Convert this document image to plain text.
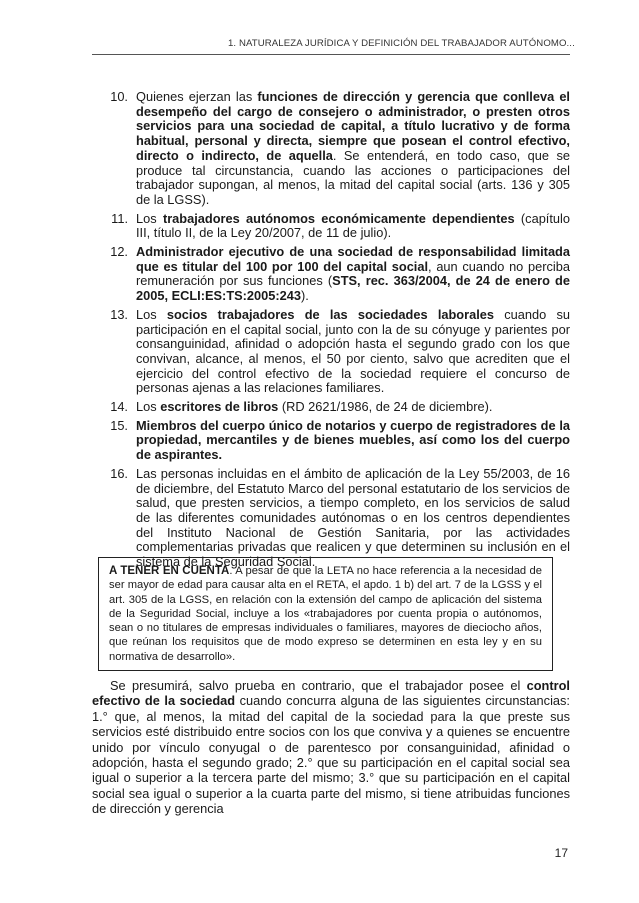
1. NATURALEZA JURÍDICA Y DEFINICIÓN DEL TRABAJADOR AUTÓNOMO...
10. Quienes ejerzan las funciones de dirección y gerencia que conlleva el desempeño del cargo de consejero o administrador, o presten otros servicios para una sociedad de capital, a título lucrativo y de forma habitual, personal y directa, siempre que posean el control efectivo, directo o indirecto, de aquella. Se entenderá, en todo caso, que se produce tal circunstancia, cuando las acciones o participaciones del trabajador supongan, al menos, la mitad del capital social (arts. 136 y 305 de la LGSS).
11. Los trabajadores autónomos económicamente dependientes (capítulo III, título II, de la Ley 20/2007, de 11 de julio).
12. Administrador ejecutivo de una sociedad de responsabilidad limitada que es titular del 100 por 100 del capital social, aun cuando no perciba remuneración por sus funciones (STS, rec. 363/2004, de 24 de enero de 2005, ECLI:ES:TS:2005:243).
13. Los socios trabajadores de las sociedades laborales cuando su participación en el capital social, junto con la de su cónyuge y parientes por consanguinidad, afinidad o adopción hasta el segundo grado con los que convivan, alcance, al menos, el 50 por ciento, salvo que acrediten que el ejercicio del control efectivo de la sociedad requiere el concurso de personas ajenas a las relaciones familiares.
14. Los escritores de libros (RD 2621/1986, de 24 de diciembre).
15. Miembros del cuerpo único de notarios y cuerpo de registradores de la propiedad, mercantiles y de bienes muebles, así como los del cuerpo de aspirantes.
16. Las personas incluidas en el ámbito de aplicación de la Ley 55/2003, de 16 de diciembre, del Estatuto Marco del personal estatutario de los servicios de salud, que presten servicios, a tiempo completo, en los servicios de salud de las diferentes comunidades autónomas o en los centros dependientes del Instituto Nacional de Gestión Sanitaria, por las actividades complementarias privadas que realicen y que determinen su inclusión en el sistema de la Seguridad Social.
A TENER EN CUENTA. A pesar de que la LETA no hace referencia a la necesidad de ser mayor de edad para causar alta en el RETA, el apdo. 1 b) del art. 7 de la LGSS y el art. 305 de la LGSS, en relación con la extensión del campo de aplicación del sistema de la Seguridad Social, incluye a los «trabajadores por cuenta propia o autónomos, sean o no titulares de empresas individuales o familiares, mayores de dieciocho años, que reúnan los requisitos que de modo expreso se determinen en esta ley y en su normativa de desarrollo».
Se presumirá, salvo prueba en contrario, que el trabajador posee el control efectivo de la sociedad cuando concurra alguna de las siguientes circunstancias: 1.° que, al menos, la mitad del capital de la sociedad para la que preste sus servicios esté distribuido entre socios con los que conviva y a quienes se encuentre unido por vínculo conyugal o de parentesco por consanguinidad, afinidad o adopción, hasta el segundo grado; 2.° que su participación en el capital social sea igual o superior a la tercera parte del mismo; 3.° que su participación en el capital social sea igual o superior a la cuarta parte del mismo, si tiene atribuidas funciones de dirección y gerencia
17
